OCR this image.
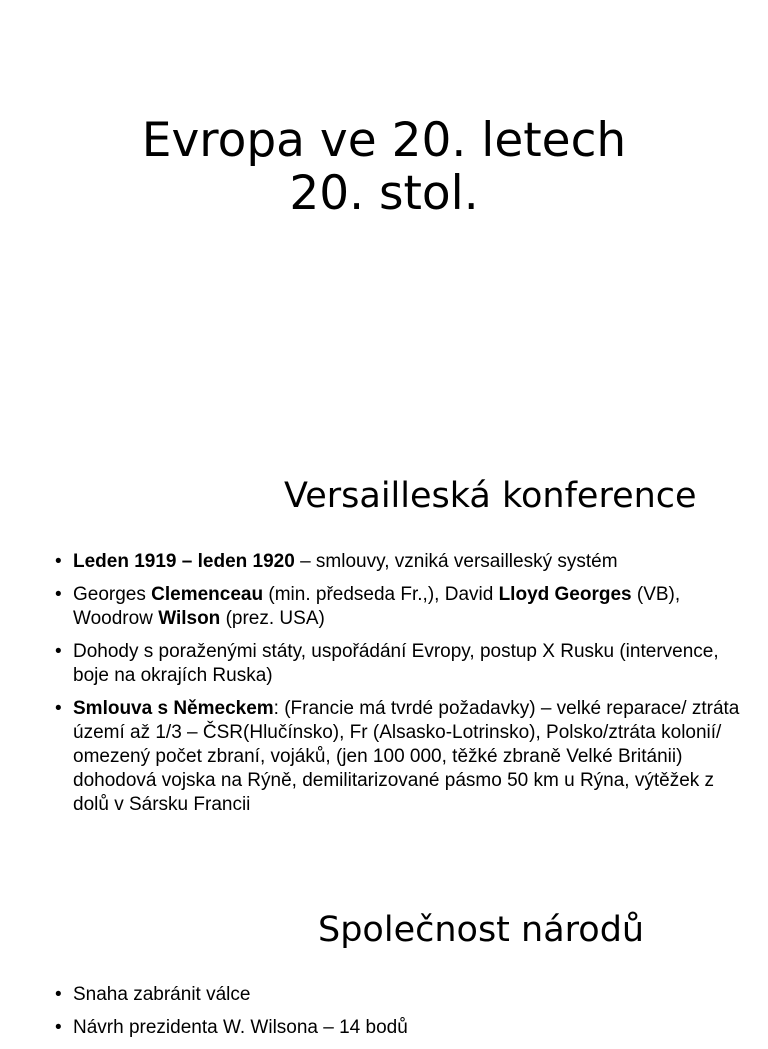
Evropa ve 20. letech
20. stol.
Versailleská konference
• Leden 1919 – leden 1920 – smlouvy, vzniká versailleský systém
• Georges Clemenceau (min. předseda Fr.,), David Lloyd Georges (VB), Woodrow Wilson (prez. USA)
• Dohody s poraženými státy, uspořádání Evropy, postup X Rusku (intervence, boje na okrajích Ruska)
• Smlouva s Německem: (Francie má tvrdé požadavky) – velké reparace/ ztráta území až 1/3 – ČSR(Hlučínsko), Fr (Alsasko-Lotrinsko), Polsko/ztráta kolonií/ omezený počet zbraní, vojáků, (jen 100 000, těžké zbraně Velké Británii) dohodová vojska na Rýně, demilitarizované pásmo 50 km u Rýna, výtěžek z dolů v Sársku Francii
Společnost národů
• Snaha zabránit válce
• Návrh prezidenta W. Wilsona – 14 bodů
